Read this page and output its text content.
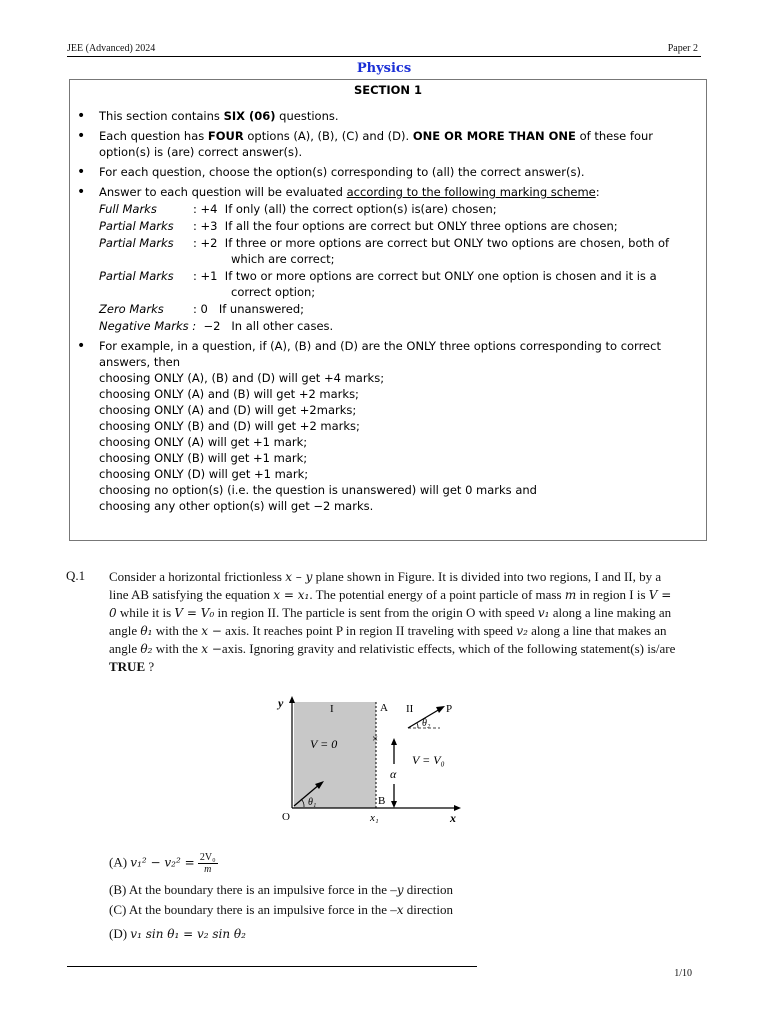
JEE (Advanced) 2024	Paper 2
Physics
SECTION 1
• This section contains SIX (06) questions.
• Each question has FOUR options (A), (B), (C) and (D). ONE OR MORE THAN ONE of these four option(s) is (are) correct answer(s).
• For each question, choose the option(s) corresponding to (all) the correct answer(s).
• Answer to each question will be evaluated according to the following marking scheme:
Full Marks	: +4 If only (all) the correct option(s) is(are) chosen;
Partial Marks	: +3 If all the four options are correct but ONLY three options are chosen;
Partial Marks	: +2 If three or more options are correct but ONLY two options are chosen, both of
which are correct;
Partial Marks	: +1 If two or more options are correct but ONLY one option is chosen and it is a
correct option;
Zero Marks	: 0 If unanswered;
Negative Marks : −2 In all other cases.
• For example, in a question, if (A), (B) and (D) are the ONLY three options corresponding to correct answers, then
choosing ONLY (A), (B) and (D) will get +4 marks;
choosing ONLY (A) and (B) will get +2 marks;
choosing ONLY (A) and (D) will get +2marks;
choosing ONLY (B) and (D) will get +2 marks;
choosing ONLY (A) will get +1 mark;
choosing ONLY (B) will get +1 mark;
choosing ONLY (D) will get +1 mark;
choosing no option(s) (i.e. the question is unanswered) will get 0 marks and
choosing any other option(s) will get −2 marks.
Q.1 Consider a horizontal frictionless x – y plane shown in Figure. It is divided into two regions, I and II, by a line AB satisfying the equation x = x₁. The potential energy of a point particle of mass m in region I is V = 0 while it is V = V₀ in region II. The particle is sent from the origin O with speed v₁ along a line making an angle θ₁ with the x − axis. It reaches point P in region II traveling with speed v₂ along a line that makes an angle θ₂ with the x −axis. Ignoring gravity and relativistic effects, which of the following statement(s) is/are TRUE ?
y
x
O
I	II
A
B
P
V = 0
V = V₀
α
θ₁
θ₂
x₁
×
(A) $v_1^2 - v_2^2 = \frac{\text{2V₀}}{m}$
(B) At the boundary there is an impulsive force in the –y direction
(C) At the boundary there is an impulsive force in the –x direction
(D) v₁ sin θ₁ = v₂ sin θ₂
1/10
